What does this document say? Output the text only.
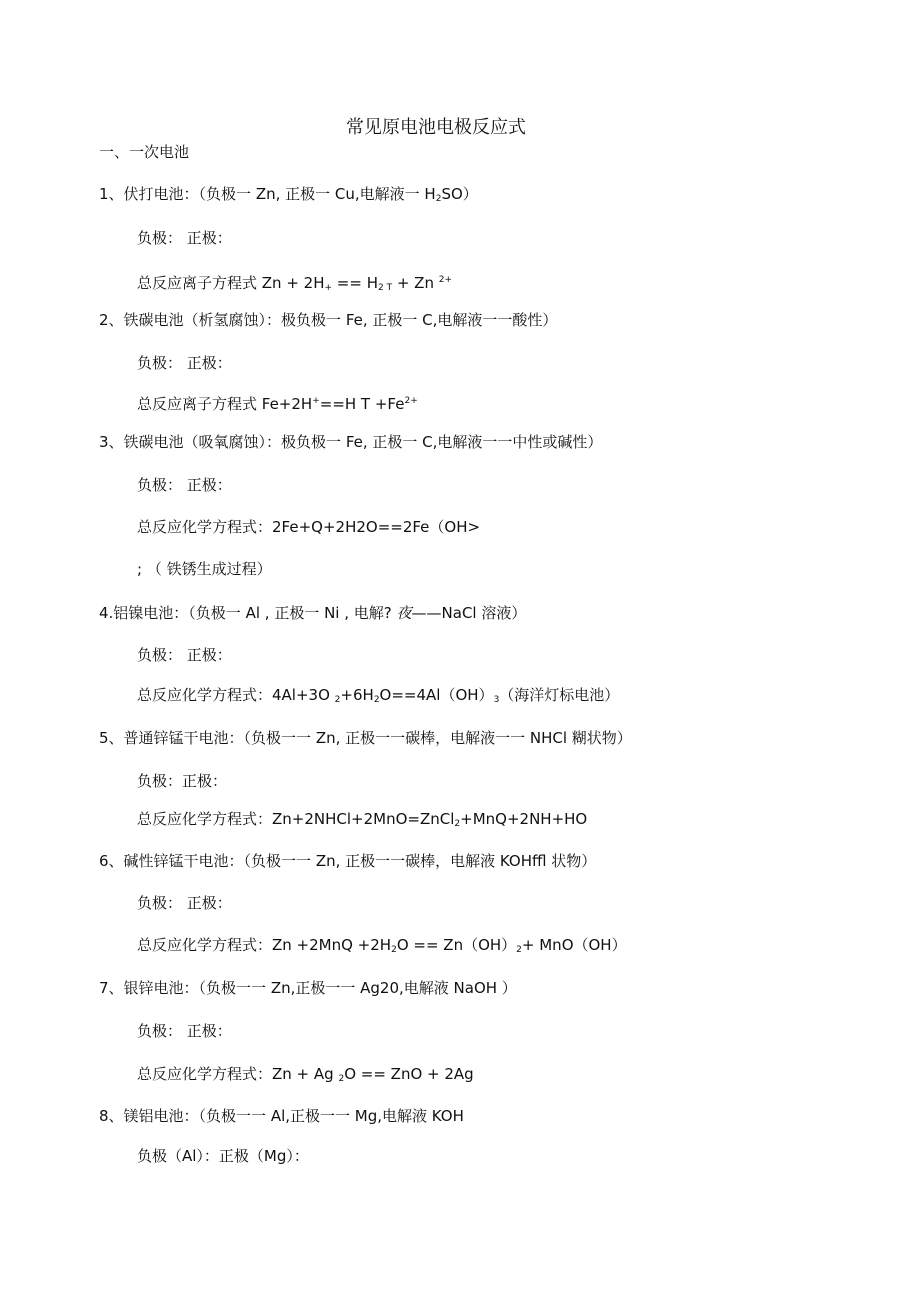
常见原电池电极反应式
一、一次电池
1、伏打电池：（负极一 Zn, 正极一 Cu,电解液一 $H_2SO$）
负极： 正极：
总反应离子方程式 $Zn + 2H_+ == H_{2 T} + Zn$ $^{2+}$
2、铁碳电池（析氢腐蚀）：极负极一 Fe, 正极一 C,电解液一一酸性）
负极： 正极：
总反应离子方程式 Fe+2H+==H $T +Fe^{2+}$
3、铁碳电池（吸氧腐蚀）：极负极一 Fe, 正极一 C,电解液一一中性或碱性）
负极： 正极：
总反应化学方程式：2Fe+Q+2H2O==2Fe（OH>
; （ 铁锈生成过程）
4.铝镍电池：（负极一 Al , 正极一 Ni , 电解? 夜——NaCl 溶液）
负极： 正极：
总反应化学方程式：4Al+3O $_2+6H_2O==4Al(OH)_3$（海洋灯标电池）
5、普通锌锰干电池：（负极一一 Zn, 正极一一碳棒，电解液一一 NHCl 糊状物）
负极：正极：
总反应化学方程式：Zn+2NHCl+2MnO=ZnCl$_2$+MnQ+2NH+HO
6、碱性锌锰干电池：（负极一一 Zn, 正极一一碳棒，电解液 KOHffl 状物）
负极： 正极：
总反应化学方程式：$Zn +2MnQ +2H_2O == Zn(OH)_2+ MnO(OH)$
7、银锌电池：（负极一一 Zn,正极一一 Ag20,电解液 NaOH ）
负极： 正极：
总反应化学方程式：Zn + Ag $_2$O == ZnO + 2Ag
8、镁铝电池：（负极一一 Al,正极一一 Mg,电解液 KOH
负极（Al）：正极（Mg）：
